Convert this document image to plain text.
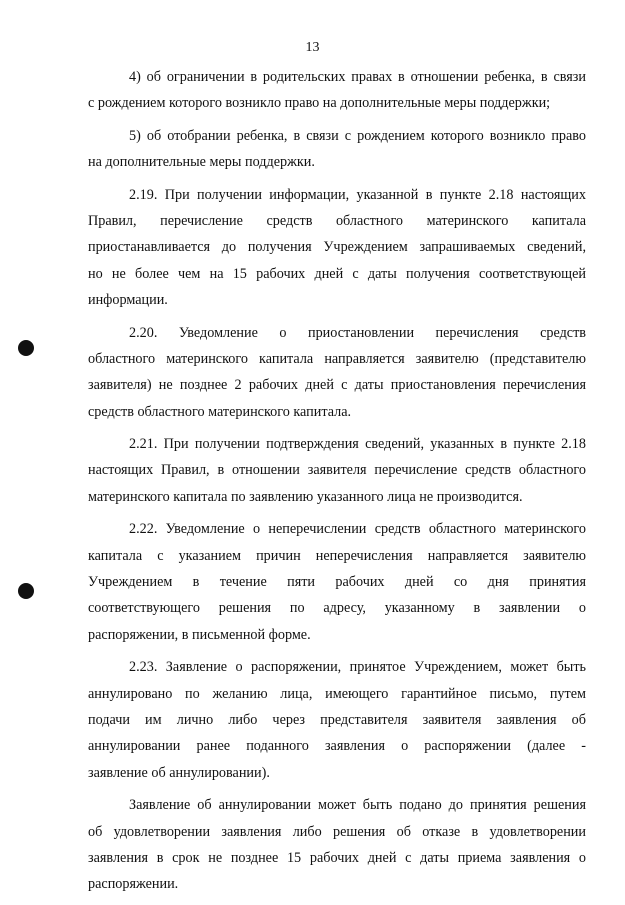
13
4) об ограничении в родительских правах в отношении ребенка, в связи
с рождением которого возникло право на дополнительные меры поддержки;
5) об отобрании ребенка, в связи с рождением которого возникло право
на дополнительные меры поддержки.
2.19. При получении информации, указанной в пункте 2.18 настоящих
Правил, перечисление средств областного материнского капитала
приостанавливается до получения Учреждением запрашиваемых сведений,
но не более чем на 15 рабочих дней с даты получения соответствующей
информации.
2.20. Уведомление о приостановлении перечисления средств
областного материнского капитала направляется заявителю (представителю
заявителя) не позднее 2 рабочих дней с даты приостановления перечисления
средств областного материнского капитала.
2.21. При получении подтверждения сведений, указанных в пункте 2.18
настоящих Правил, в отношении заявителя перечисление средств областного
материнского капитала по заявлению указанного лица не производится.
2.22. Уведомление о неперечислении средств областного материнского
капитала с указанием причин неперечисления направляется заявителю
Учреждением в течение пяти рабочих дней со дня принятия
соответствующего решения по адресу, указанному в заявлении о
распоряжении, в письменной форме.
2.23. Заявление о распоряжении, принятое Учреждением, может быть
аннулировано по желанию лица, имеющего гарантийное письмо, путем
подачи им лично либо через представителя заявителя заявления об
аннулировании ранее поданного заявления о распоряжении (далее -
заявление об аннулировании).
Заявление об аннулировании может быть подано до принятия решения
об удовлетворении заявления либо решения об отказе в удовлетворении
заявления в срок не позднее 15 рабочих дней с даты приема заявления о
распоряжении.
